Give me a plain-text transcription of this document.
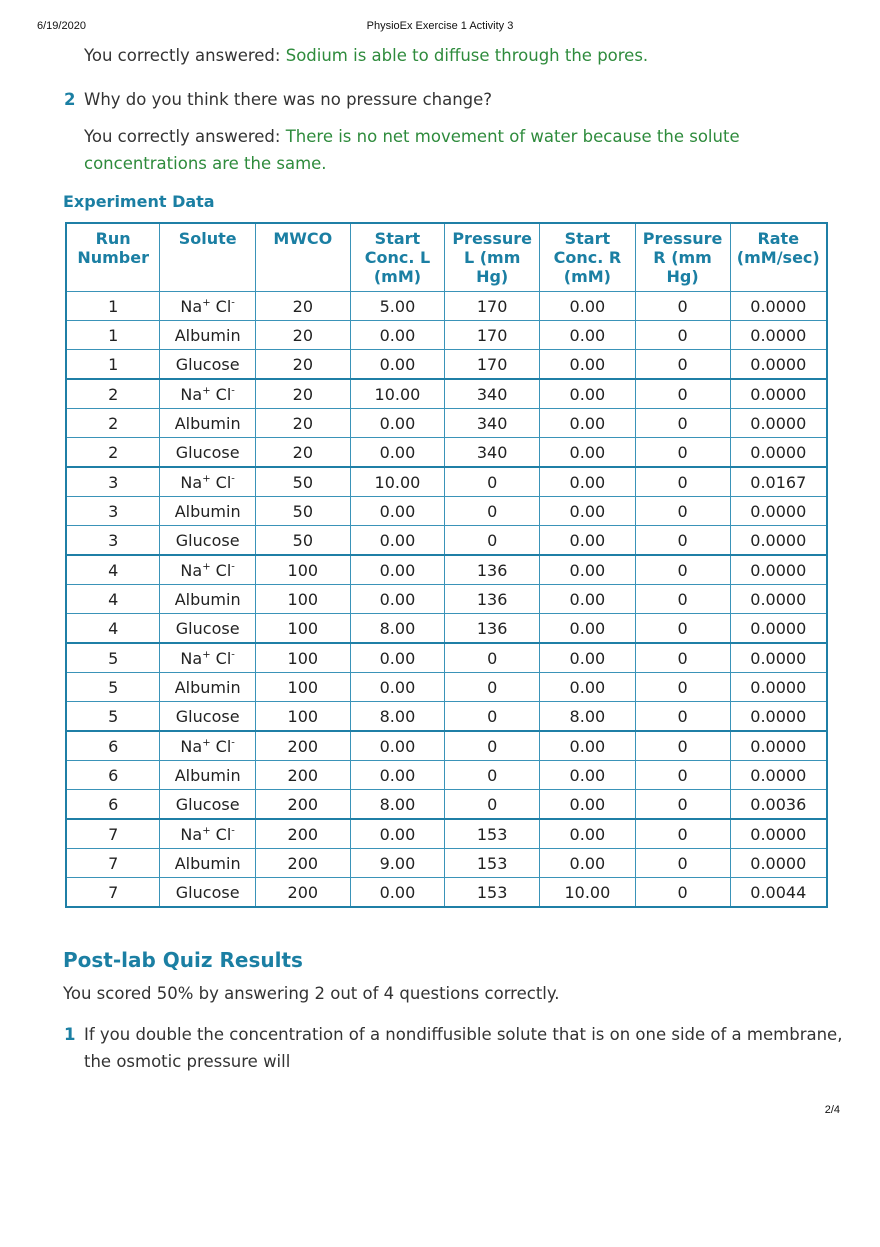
6/19/2020	PhysioEx Exercise 1 Activity 3
You correctly answered: Sodium is able to diffuse through the pores.
2 Why do you think there was no pressure change?
You correctly answered: There is no net movement of water because the solute concentrations are the same.
Experiment Data
Run Number	Solute	MWCO	Start Conc. L (mM)	Pressure L (mm Hg)	Start Conc. R (mM)	Pressure R (mm Hg)	Rate (mM/sec)
1	Na+ Cl-	20	5.00	170	0.00	0	0.0000
1	Albumin	20	0.00	170	0.00	0	0.0000
1	Glucose	20	0.00	170	0.00	0	0.0000
2	Na+ Cl-	20	10.00	340	0.00	0	0.0000
2	Albumin	20	0.00	340	0.00	0	0.0000
2	Glucose	20	0.00	340	0.00	0	0.0000
3	Na+ Cl-	50	10.00	0	0.00	0	0.0167
3	Albumin	50	0.00	0	0.00	0	0.0000
3	Glucose	50	0.00	0	0.00	0	0.0000
4	Na+ Cl-	100	0.00	136	0.00	0	0.0000
4	Albumin	100	0.00	136	0.00	0	0.0000
4	Glucose	100	8.00	136	0.00	0	0.0000
5	Na+ Cl-	100	0.00	0	0.00	0	0.0000
5	Albumin	100	0.00	0	0.00	0	0.0000
5	Glucose	100	8.00	0	8.00	0	0.0000
6	Na+ Cl-	200	0.00	0	0.00	0	0.0000
6	Albumin	200	0.00	0	0.00	0	0.0000
6	Glucose	200	8.00	0	0.00	0	0.0036
7	Na+ Cl-	200	0.00	153	0.00	0	0.0000
7	Albumin	200	9.00	153	0.00	0	0.0000
7	Glucose	200	0.00	153	10.00	0	0.0044
Post-lab Quiz Results
You scored 50% by answering 2 out of 4 questions correctly.
1 If you double the concentration of a nondiffusible solute that is on one side of a membrane, the osmotic pressure will
2/4
